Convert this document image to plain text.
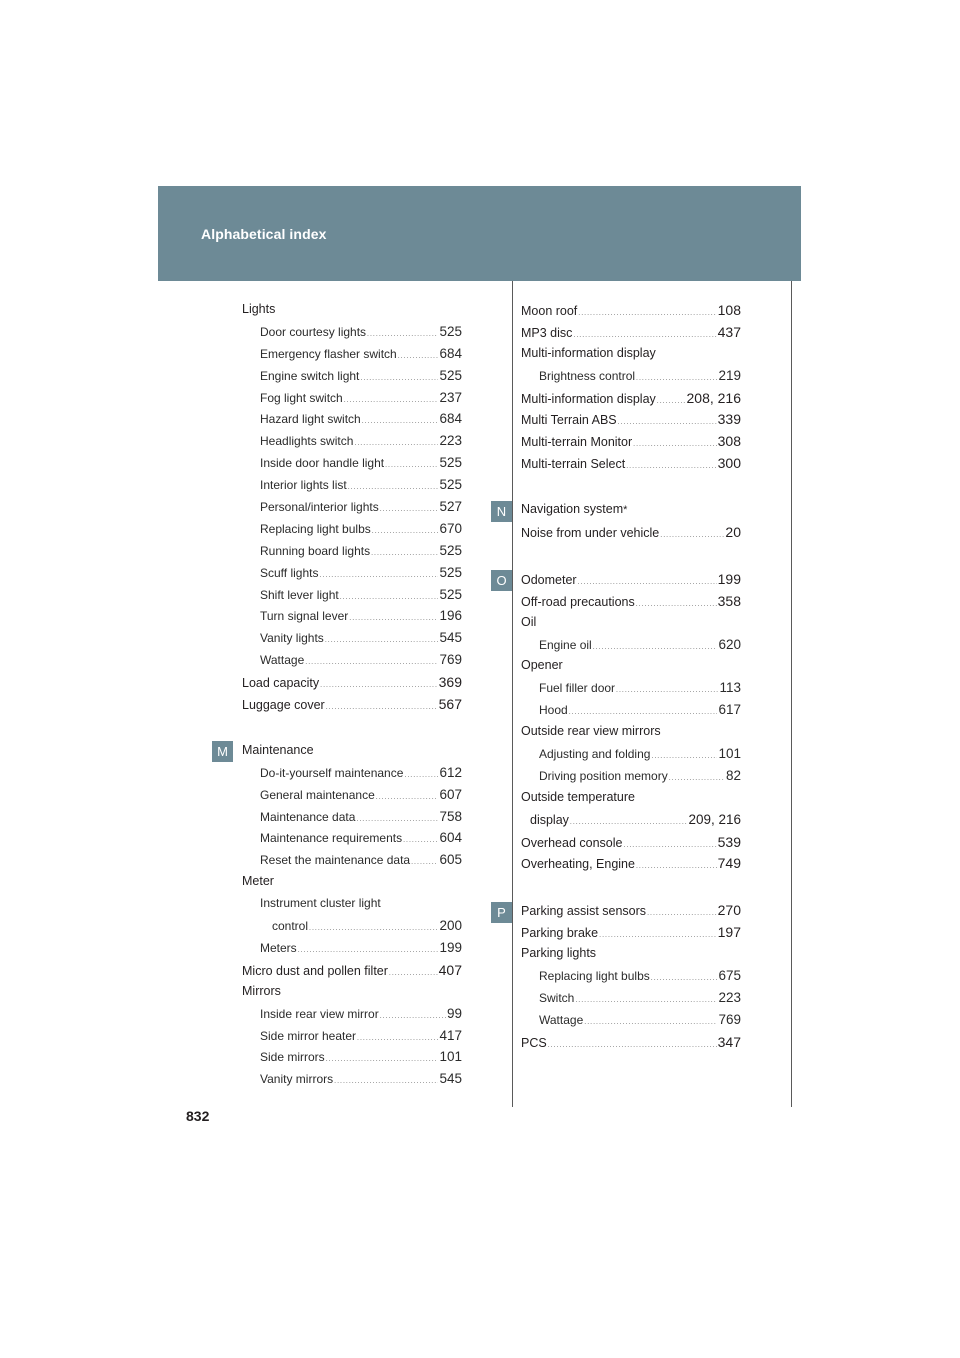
Alphabetical index
M
N
O
P
Lights
Door courtesy lights .....	525
Emergency flasher switch .....	684
Engine switch light .....	525
Fog light switch .....	237
Hazard light switch .....	684
Headlights switch .....	223
Inside door handle light .....	525
Interior lights list .....	525
Personal/interior lights .....	527
Replacing light bulbs .....	670
Running board lights .....	525
Scuff lights .....	525
Shift lever light .....	525
Turn signal lever .....	196
Vanity lights .....	545
Wattage .....	769
Load capacity .....	369
Luggage cover .....	567
Maintenance
Do-it-yourself maintenance .....	612
General maintenance .....	607
Maintenance data .....	758
Maintenance requirements .....	604
Reset the maintenance data ..... 605
Meter
Instrument cluster light
control .....	200
Meters .....	199
Micro dust and pollen filter .....	407
Mirrors
Inside rear view mirror .....	99
Side mirror heater .....	417
Side mirrors .....	101
Vanity mirrors .....	545
Moon roof .....	108
MP3 disc .....	437
Multi-information display
Brightness control .....	219
Multi-information display ..... 208, 216
Multi Terrain ABS .....	339
Multi-terrain Monitor .....	308
Multi-terrain Select .....	300
Navigation system *
Noise from under vehicle .....	20
Odometer .....	199
Off-road precautions .....	358
Oil
Engine oil .....	620
Opener
Fuel filler door .....	113
Hood .....	617
Outside rear view mirrors
Adjusting and folding .....	101
Driving position memory .....	82
Outside temperature
display .....	209, 216
Overhead console .....	539
Overheating, Engine .....	749
Parking assist sensors .....	270
Parking brake .....	197
Parking lights
Replacing light bulbs .....	675
Switch .....	223
Wattage .....	769
PCS .....	347
832
